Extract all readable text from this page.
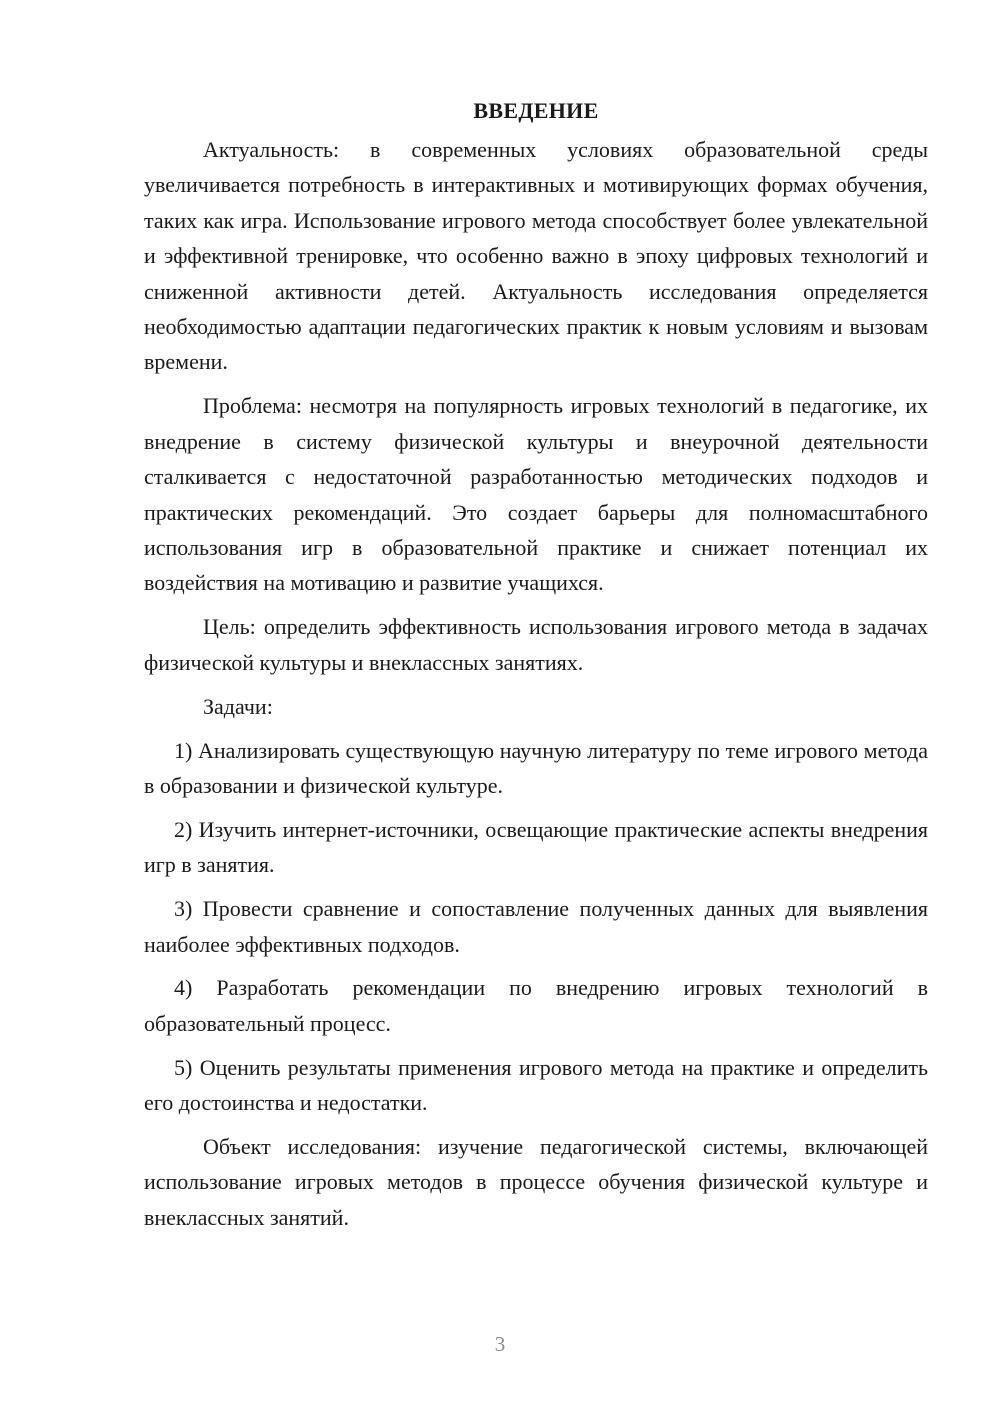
ВВЕДЕНИЕ

Актуальность: в современных условиях образовательной среды увеличивается потребность в интерактивных и мотивирующих формах обучения, таких как игра. Использование игрового метода способствует более увлекательной и эффективной тренировке, что особенно важно в эпоху цифровых технологий и сниженной активности детей. Актуальность исследования определяется необходимостью адаптации педагогических практик к новым условиям и вызовам времени.

Проблема: несмотря на популярность игровых технологий в педагогике, их внедрение в систему физической культуры и внеурочной деятельности сталкивается с недостаточной разработанностью методических подходов и практических рекомендаций. Это создает барьеры для полномасштабного использования игр в образовательной практике и снижает потенциал их воздействия на мотивацию и развитие учащихся.

Цель: определить эффективность использования игрового метода в задачах физической культуры и внеклассных занятиях.

Задачи:

1) Анализировать существующую научную литературу по теме игрового метода в образовании и физической культуре.

2) Изучить интернет-источники, освещающие практические аспекты внедрения игр в занятия.

3) Провести сравнение и сопоставление полученных данных для выявления наиболее эффективных подходов.

4) Разработать рекомендации по внедрению игровых технологий в образовательный процесс.

5) Оценить результаты применения игрового метода на практике и определить его достоинства и недостатки.

Объект исследования: изучение педагогической системы, включающей использование игровых методов в процессе обучения физической культуре и внеклассных занятий.

3
